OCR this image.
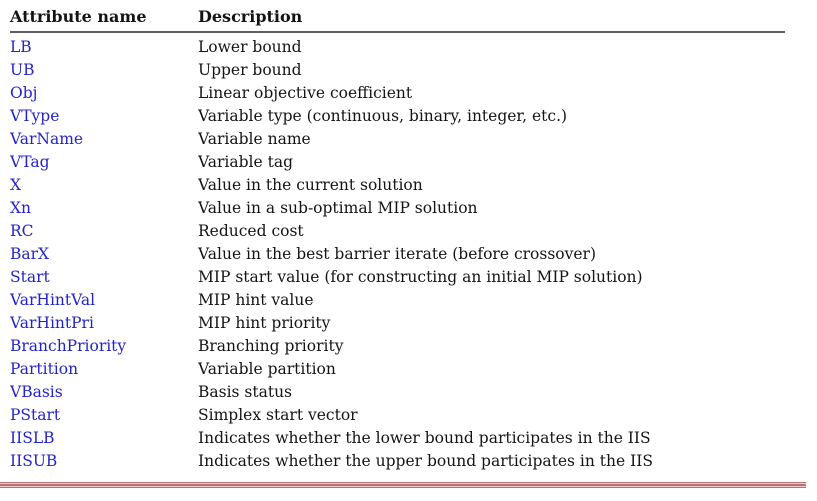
Attribute name	Description
LB	Lower bound
UB	Upper bound
Obj	Linear objective coefficient
VType	Variable type (continuous, binary, integer, etc.)
VarName	Variable name
VTag	Variable tag
X	Value in the current solution
Xn	Value in a sub-optimal MIP solution
RC	Reduced cost
BarX	Value in the best barrier iterate (before crossover)
Start	MIP start value (for constructing an initial MIP solution)
VarHintVal	MIP hint value
VarHintPri	MIP hint priority
BranchPriority	Branching priority
Partition	Variable partition
VBasis	Basis status
PStart	Simplex start vector
IISLB	Indicates whether the lower bound participates in the IIS
IISUB	Indicates whether the upper bound participates in the IIS
